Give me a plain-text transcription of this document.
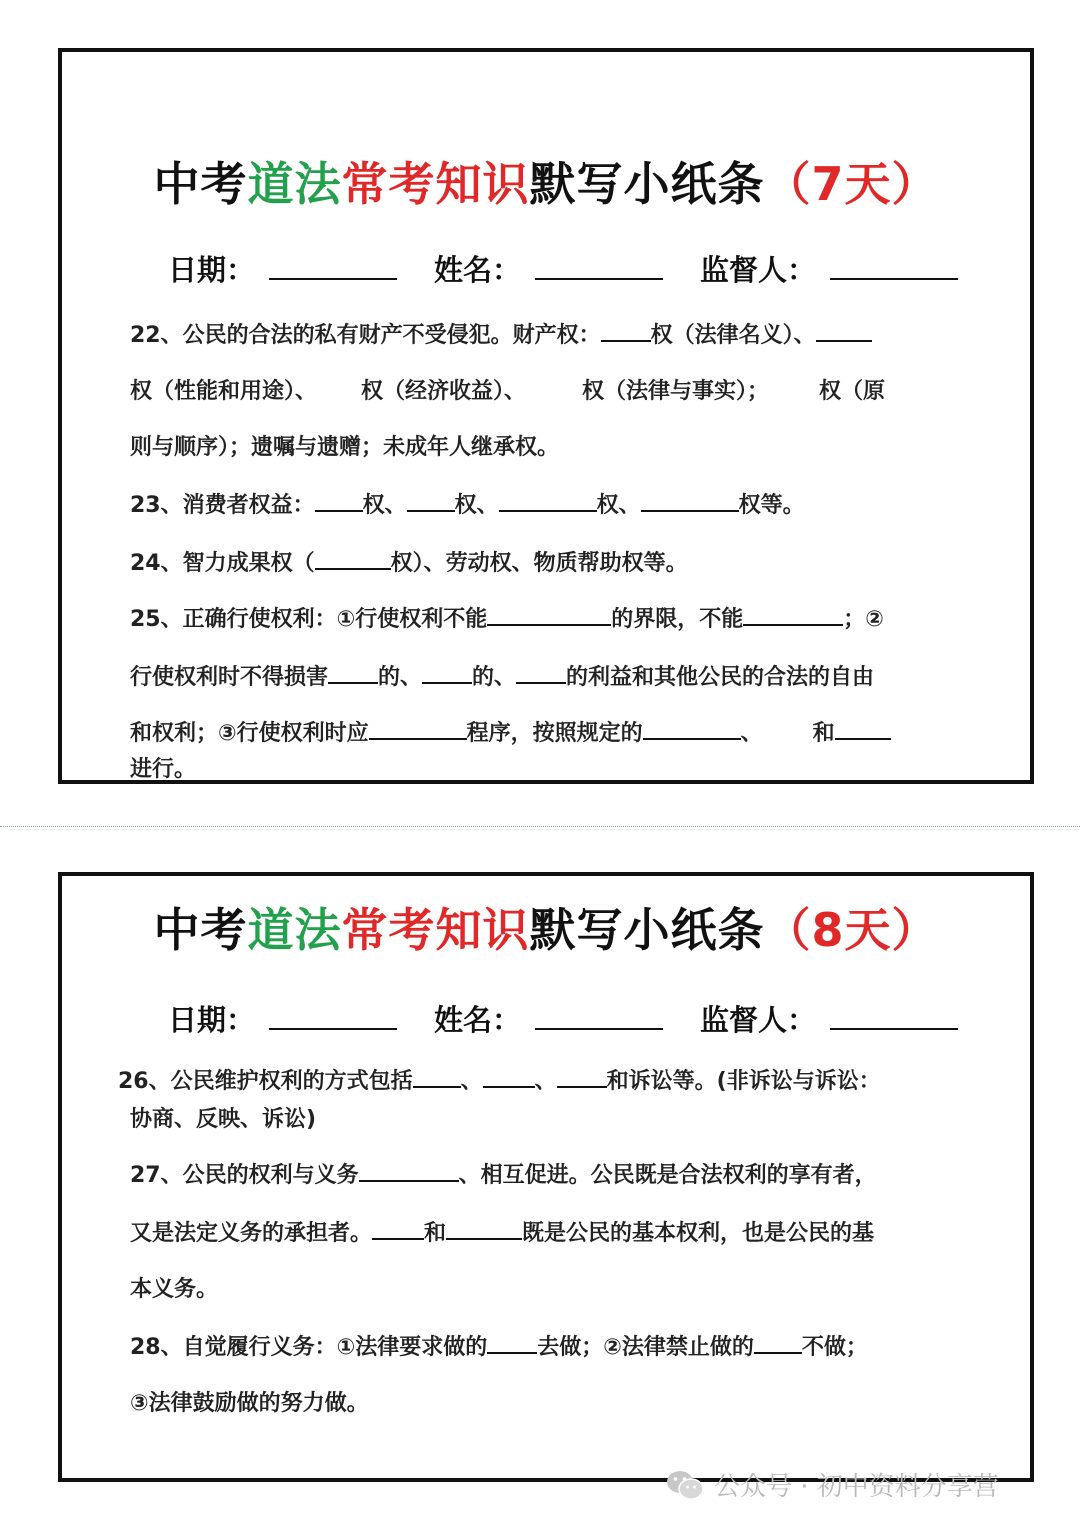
中考道法常考知识默写小纸条（7天）
日期：	姓名：	监督人：

22、公民的合法的私有财产不受侵犯。财产权： 权（法律名义）、

权（性能和用途）、 权（经济收益）、	权（法律与事实）； 权（原

则与顺序）；遗嘱与遗赠；未成年人继承权。

23、消费者权益： 权、 权、	权、	权等。

24、智力成果权（	权）、劳动权、物质帮助权等。

25、正确行使权利：①行使权利不能	的界限，不能	；②

行使权利时不得损害 的、 的、 的利益和其他公民的合法的自由

和权利；③行使权利时应	程序，按照规定的	、 和

进行。

中考道法常考知识默写小纸条（8天）
日期：	姓名：	监督人：

26、公民维护权利的方式包括 、 、 和诉讼等。(非诉讼与诉讼：

协商、反映、诉讼)

27、公民的权利与义务	、相互促进。公民既是合法权利的享有者，

又是法定义务的承担者。 和	既是公民的基本权利，也是公民的基

本义务。

28、自觉履行义务：①法律要求做的 去做；②法律禁止做的 不做；

③法律鼓励做的努力做。

公众号 · 初中资料分享营
